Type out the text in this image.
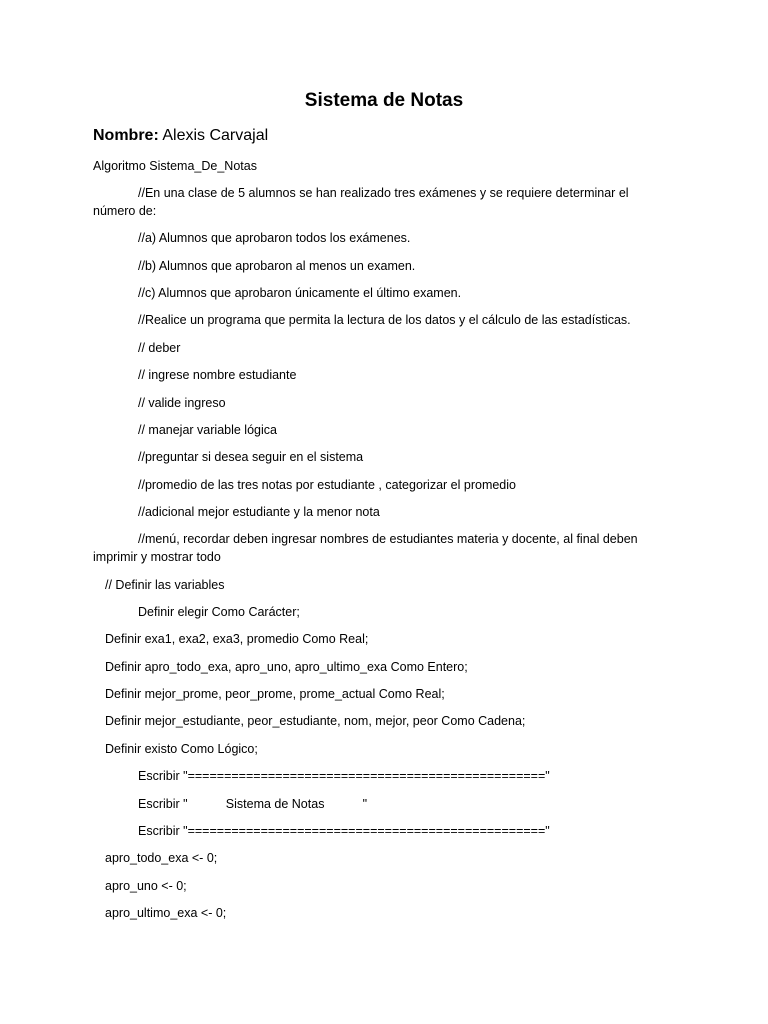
Sistema de Notas
Nombre: Alexis Carvajal
Algoritmo Sistema_De_Notas
//En una clase de 5 alumnos se han realizado tres exámenes y se requiere determinar el
número de:
//a) Alumnos que aprobaron todos los exámenes.
//b) Alumnos que aprobaron al menos un examen.
//c) Alumnos que aprobaron únicamente el último examen.
//Realice un programa que permita la lectura de los datos y el cálculo de las estadísticas.
// deber
// ingrese nombre estudiante
// valide ingreso
// manejar variable lógica
//preguntar si desea seguir en el sistema
//promedio de las tres notas por estudiante , categorizar el promedio
//adicional mejor estudiante y la menor nota
//menú, recordar deben ingresar nombres de estudiantes materia y docente, al final deben
imprimir y mostrar todo
// Definir las variables
Definir elegir Como Carácter;
Definir exa1, exa2, exa3, promedio Como Real;
Definir apro_todo_exa, apro_uno, apro_ultimo_exa Como Entero;
Definir mejor_prome, peor_prome, prome_actual Como Real;
Definir mejor_estudiante, peor_estudiante, nom, mejor, peor Como Cadena;
Definir existo Como Lógico;
Escribir "================================================="
Escribir "           Sistema de Notas           "
Escribir "================================================="
apro_todo_exa <- 0;
apro_uno <- 0;
apro_ultimo_exa <- 0;
